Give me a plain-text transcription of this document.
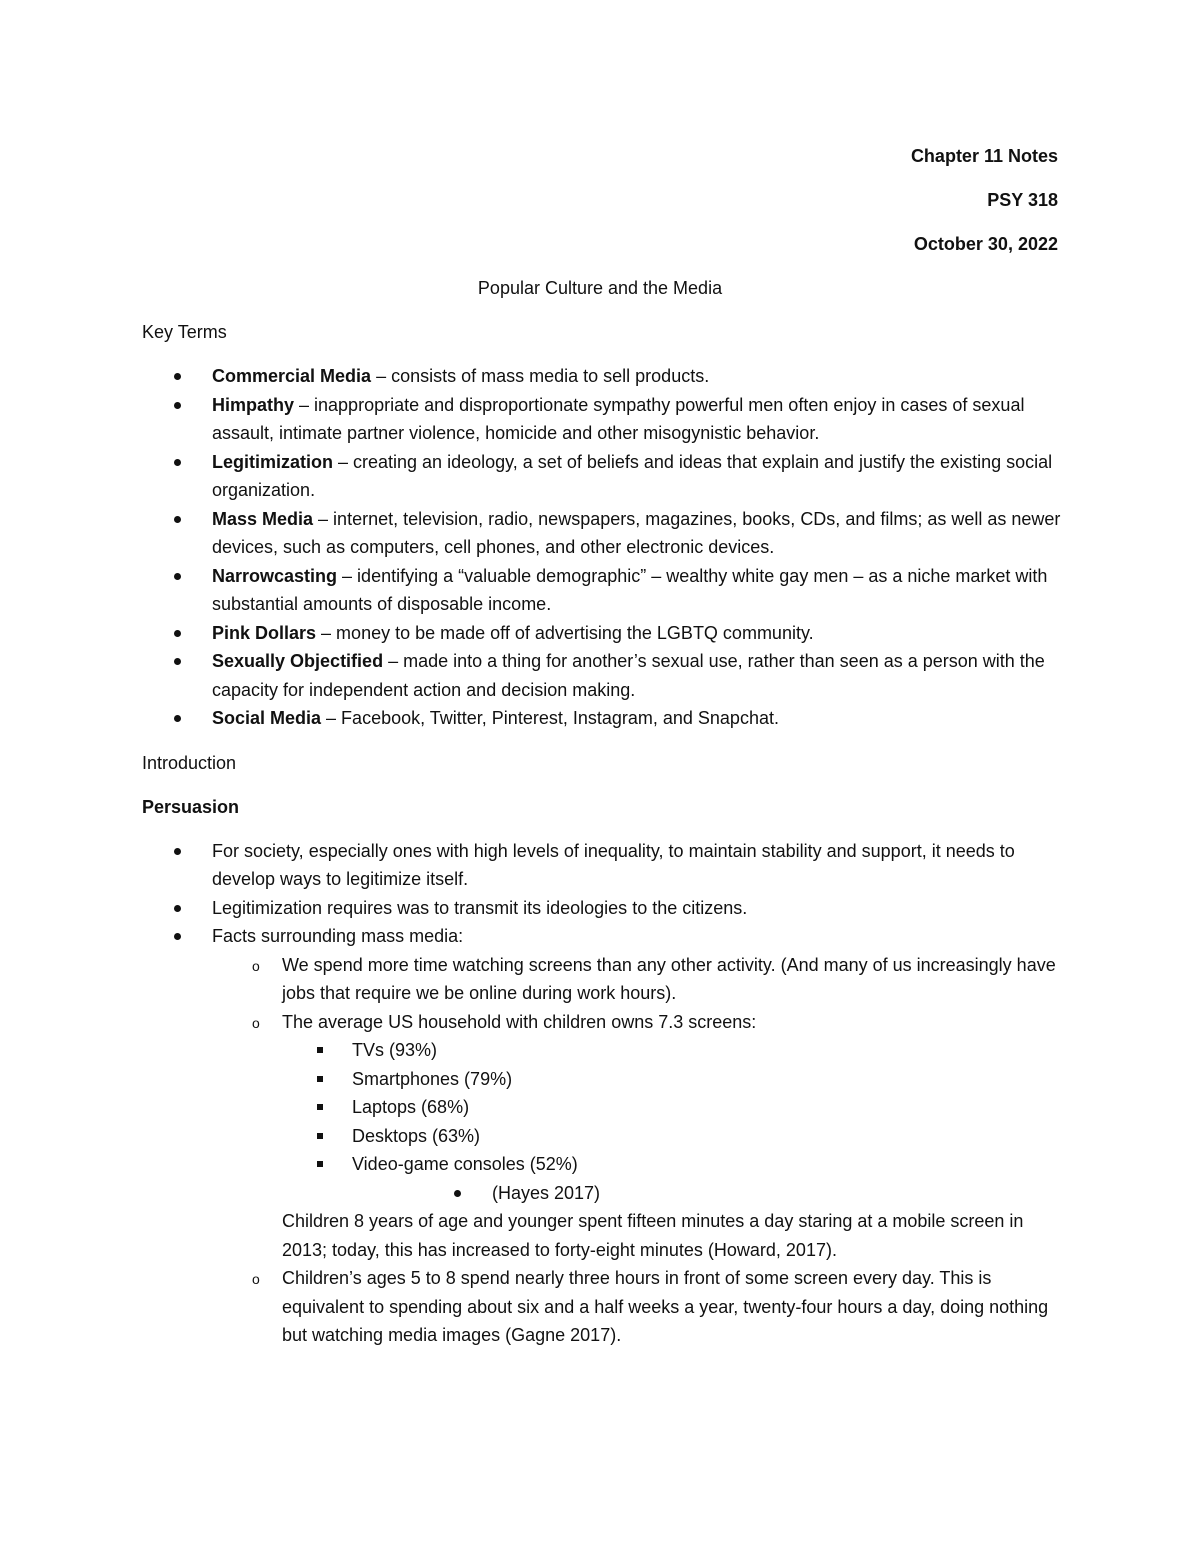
Chapter 11 Notes
PSY 318
October 30, 2022
Popular Culture and the Media
Key Terms
Commercial Media – consists of mass media to sell products.
Himpathy – inappropriate and disproportionate sympathy powerful men often enjoy in cases of sexual assault, intimate partner violence, homicide and other misogynistic behavior.
Legitimization – creating an ideology, a set of beliefs and ideas that explain and justify the existing social organization.
Mass Media – internet, television, radio, newspapers, magazines, books, CDs, and films; as well as newer devices, such as computers, cell phones, and other electronic devices.
Narrowcasting – identifying a “valuable demographic” – wealthy white gay men – as a niche market with substantial amounts of disposable income.
Pink Dollars – money to be made off of advertising the LGBTQ community.
Sexually Objectified – made into a thing for another’s sexual use, rather than seen as a person with the capacity for independent action and decision making.
Social Media – Facebook, Twitter, Pinterest, Instagram, and Snapchat.
Introduction
Persuasion
For society, especially ones with high levels of inequality, to maintain stability and support, it needs to develop ways to legitimize itself.
Legitimization requires was to transmit its ideologies to the citizens.
Facts surrounding mass media:
o We spend more time watching screens than any other activity. (And many of us increasingly have jobs that require we be online during work hours).
o The average US household with children owns 7.3 screens:
TVs (93%)
Smartphones (79%)
Laptops (68%)
Desktops (63%)
Video-game consoles (52%)
(Hayes 2017)
Children 8 years of age and younger spent fifteen minutes a day staring at a mobile screen in 2013; today, this has increased to forty-eight minutes (Howard, 2017).
o Children’s ages 5 to 8 spend nearly three hours in front of some screen every day. This is equivalent to spending about six and a half weeks a year, twenty-four hours a day, doing nothing but watching media images (Gagne 2017).
